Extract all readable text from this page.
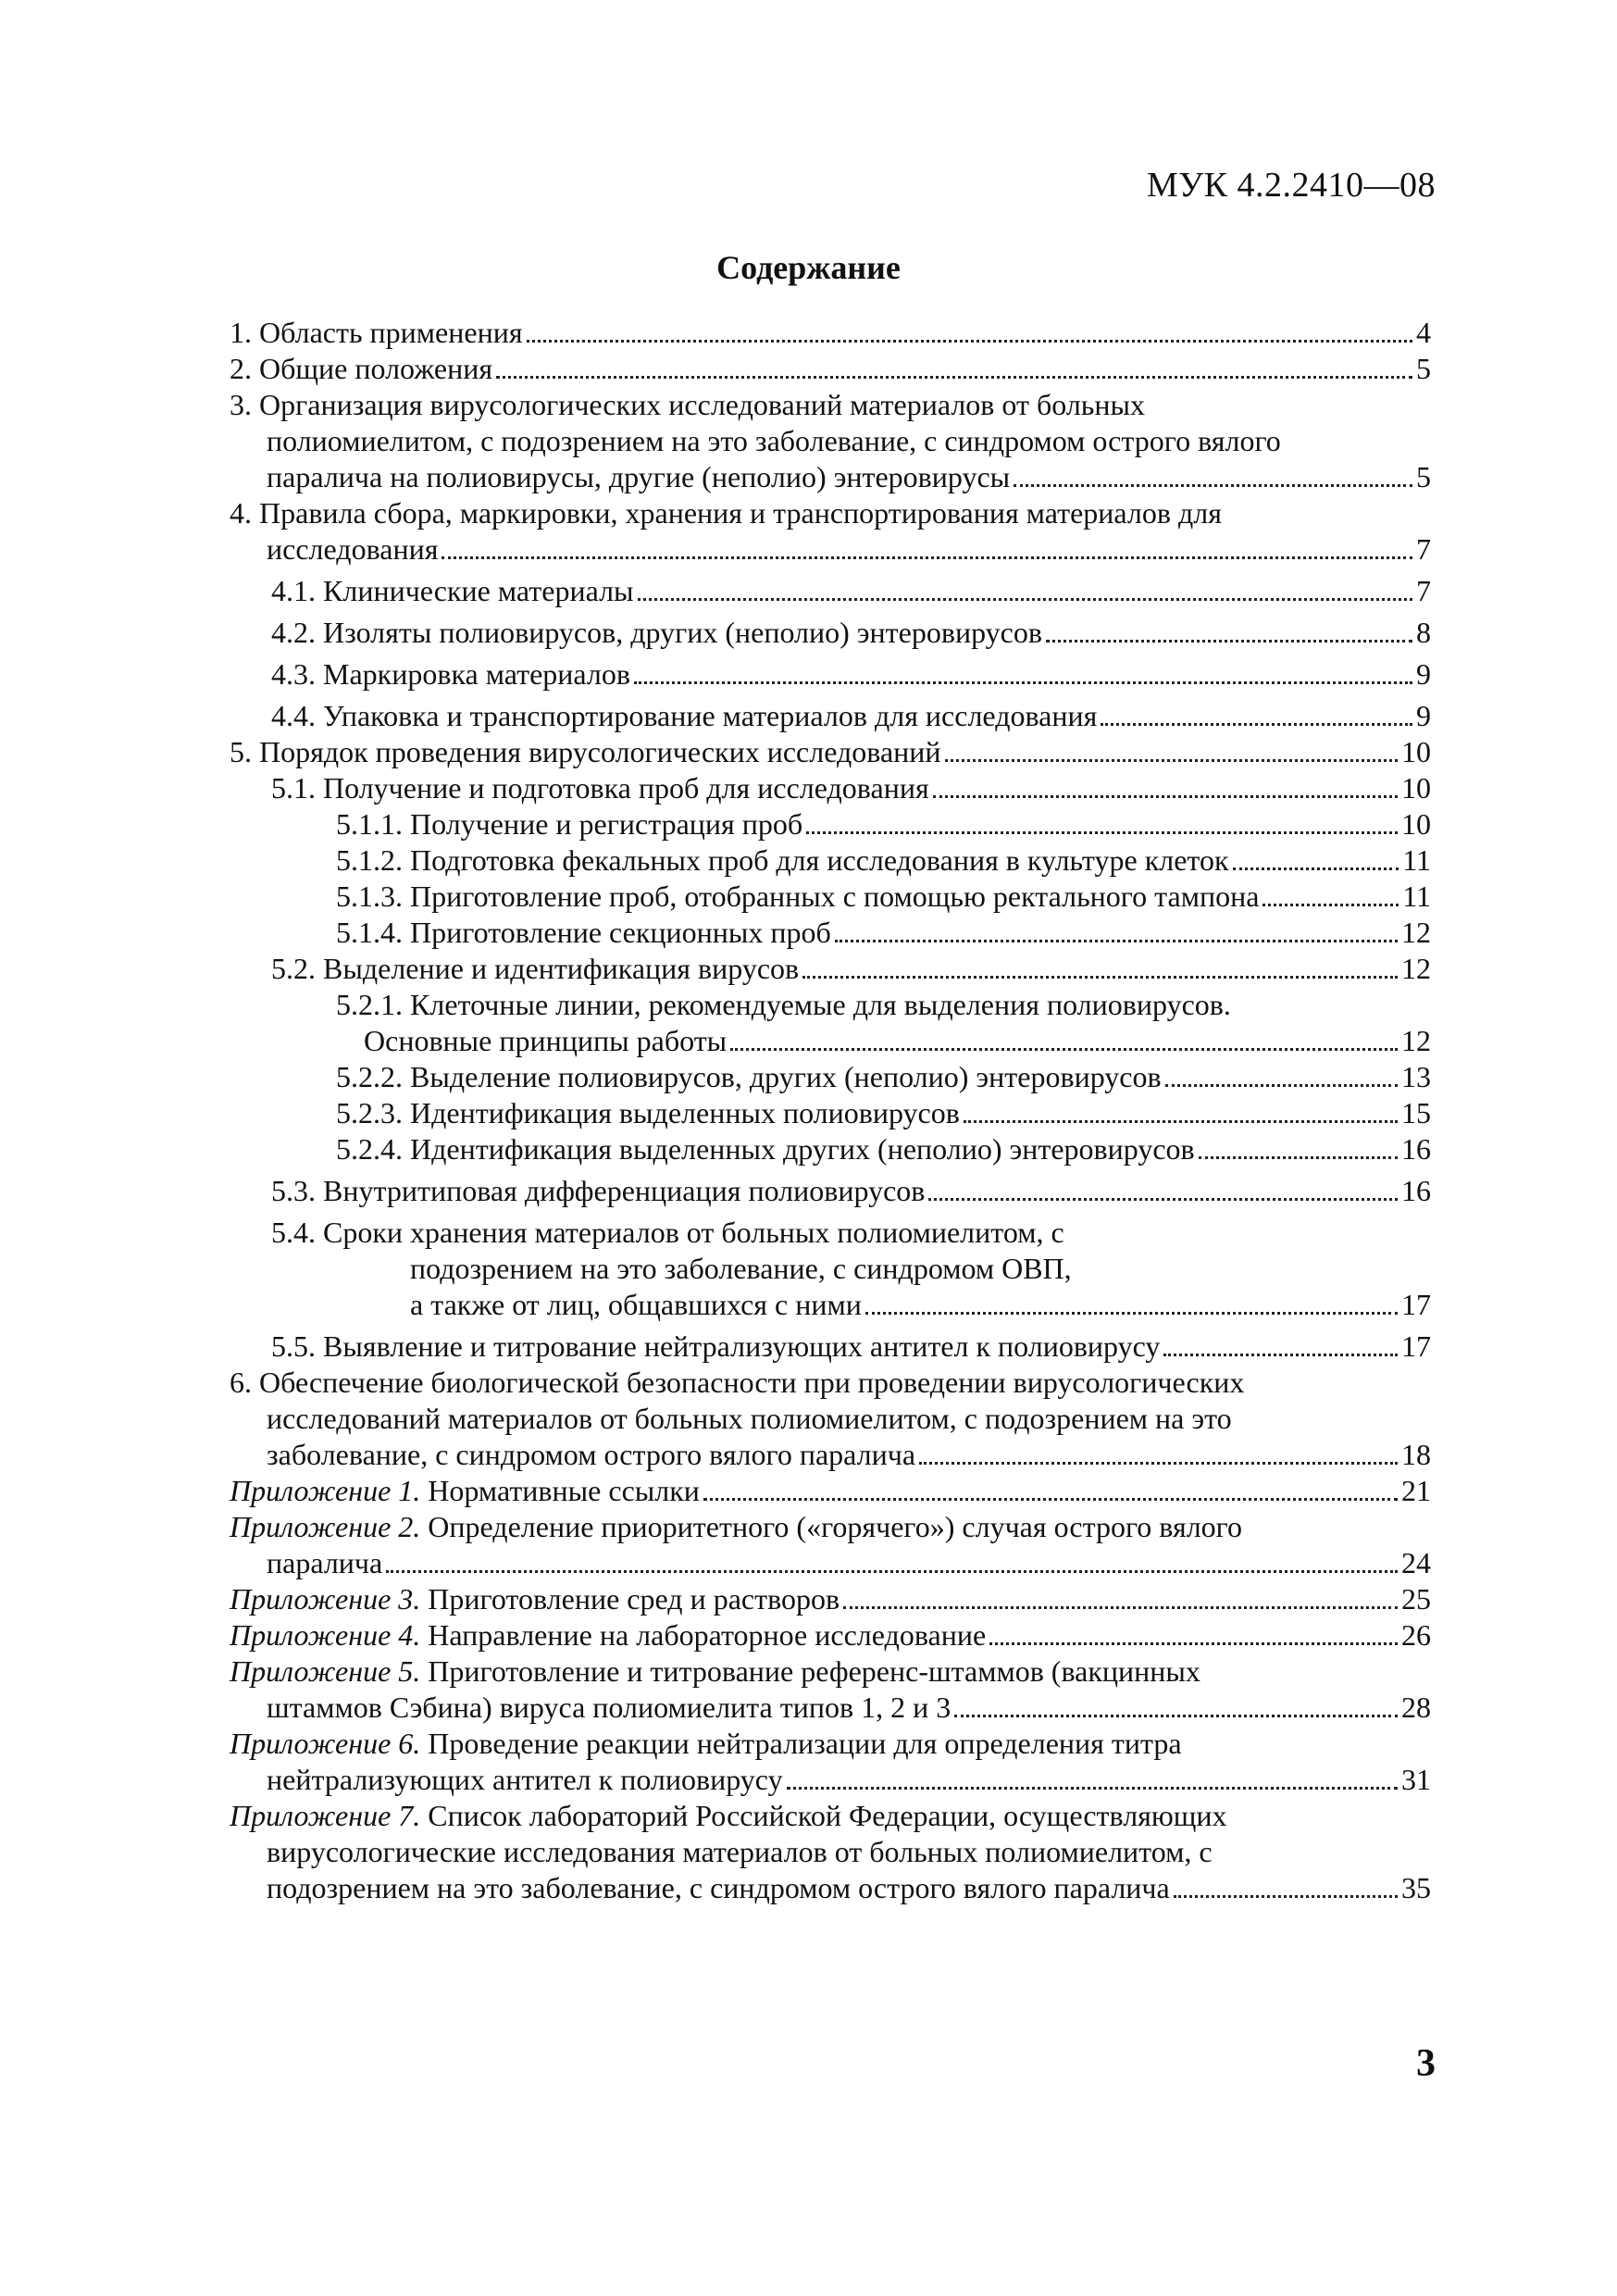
МУК 4.2.2410—08
Содержание
1. Область применения	4
2. Общие положения	5
3. Организация вирусологических исследований материалов от больных
полиомиелитом, с подозрением на это заболевание, с синдромом острого вялого
паралича на полиовирусы, другие (неполио) энтеровирусы	5
4. Правила сбора, маркировки, хранения и транспортирования материалов для
исследования	7
4.1. Клинические материалы	7
4.2. Изоляты полиовирусов, других (неполио) энтеровирусов	8
4.3. Маркировка материалов	9
4.4. Упаковка и транспортирование материалов для исследования	9
5. Порядок проведения вирусологических исследований	10
5.1. Получение и подготовка проб для исследования	10
5.1.1. Получение и регистрация проб	10
5.1.2. Подготовка фекальных проб для исследования в культуре клеток	11
5.1.3. Приготовление проб, отобранных с помощью ректального тампона	11
5.1.4. Приготовление секционных проб	12
5.2. Выделение и идентификация вирусов	12
5.2.1. Клеточные линии, рекомендуемые для выделения полиовирусов.
Основные принципы работы	12
5.2.2. Выделение полиовирусов, других (неполио) энтеровирусов	13
5.2.3. Идентификация выделенных полиовирусов	15
5.2.4. Идентификация выделенных других (неполио) энтеровирусов	16
5.3. Внутритиповая дифференциация полиовирусов	16
5.4. Сроки хранения материалов от больных полиомиелитом, с
подозрением на это заболевание, с синдромом ОВП,
а также от лиц, общавшихся с ними	17
5.5. Выявление и титрование нейтрализующих антител к полиовирусу	17
6. Обеспечение биологической безопасности при проведении вирусологических
исследований материалов от больных полиомиелитом, с подозрением на это
заболевание, с синдромом острого вялого паралича	18
Приложение 1. Нормативные ссылки	21
Приложение 2. Определение приоритетного («горячего») случая острого вялого
паралича	24
Приложение 3. Приготовление сред и растворов	25
Приложение 4. Направление на лабораторное исследование	26
Приложение 5. Приготовление и титрование референс-штаммов (вакцинных
штаммов Сэбина) вируса полиомиелита типов 1, 2 и 3	28
Приложение 6. Проведение реакции нейтрализации для определения титра
нейтрализующих антител к полиовирусу	31
Приложение 7. Список лабораторий Российской Федерации, осуществляющих
вирусологические исследования материалов от больных полиомиелитом, с
подозрением на это заболевание, с синдромом острого вялого паралича	35
3
